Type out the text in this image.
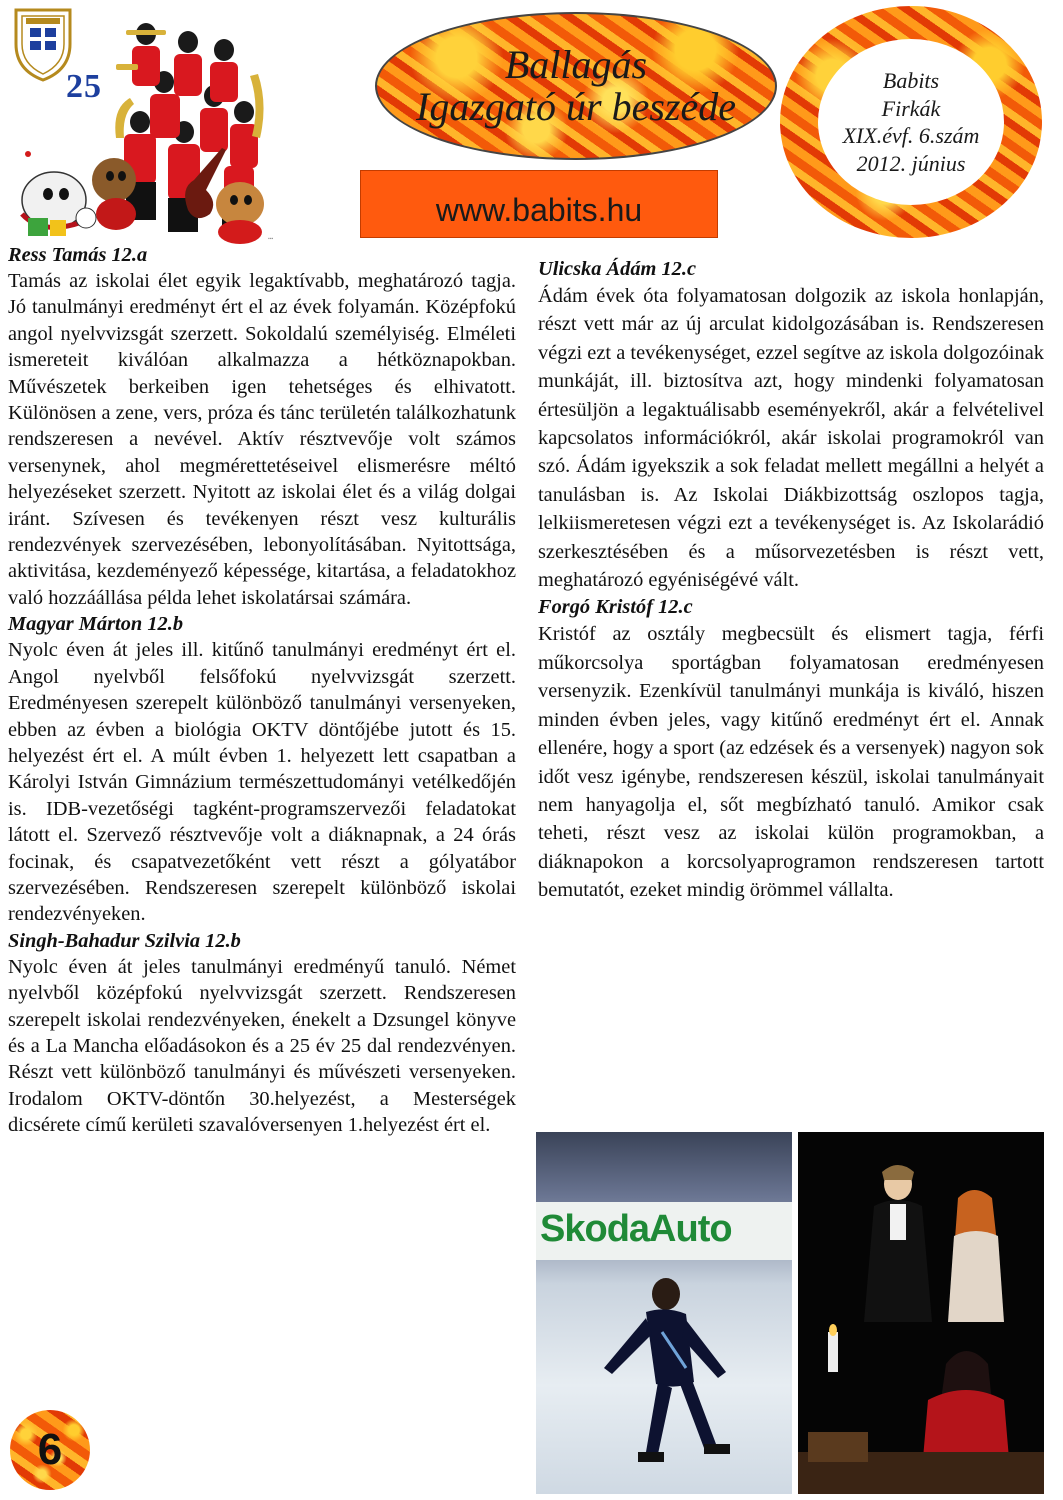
25
▪▪▪
Ballagás
Igazgató úr beszéde
www.babits.hu
Babits
Firkák
XIX.évf. 6.szám
2012. június
Ress Tamás 12.a

Tamás az iskolai élet egyik legaktívabb, meghatározó tagja. Jó tanulmányi eredményt ért el az évek folyamán. Középfokú angol nyelvvizsgát szerzett. Sokoldalú személyiség. Elméleti ismereteit kiválóan alkalmazza a hétköznapokban. Művészetek berkeiben igen tehetséges és elhivatott. Különösen a zene, vers, próza és tánc területén találkozhatunk rendszeresen a nevével. Aktív résztvevője volt számos versenynek, ahol megmérettetéseivel elismerésre méltó helyezéseket szerzett. Nyitott az iskolai élet és a világ dolgai iránt. Szívesen és tevékenyen részt vesz kulturális rendezvények szervezésében, lebonyolításában. Nyitottsága, aktivitása, kezdeményező képessége, kitartása, a feladatokhoz való hozzáállása példa lehet iskolatársai számára.

Magyar Márton 12.b

Nyolc éven át jeles ill. kitűnő tanulmányi eredményt ért el. Angol nyelvből felsőfokú nyelvvizsgát szerzett. Eredményesen szerepelt különböző tanulmányi versenyeken, ebben az évben a biológia OKTV döntőjébe jutott és 15. helyezést ért el. A múlt évben 1. helyezett lett csapatban a Károlyi István Gimnázium természettudományi vetélkedőjén is. IDB-vezetőségi tagként-programszervezői feladatokat látott el. Szervező résztvevője volt a diáknapnak, a 24 órás focinak, és csapatvezetőként vett részt a gólyatábor szervezésében. Rendszeresen szerepelt különböző iskolai rendezvényeken.

Singh-Bahadur Szilvia 12.b

Nyolc éven át jeles tanulmányi eredményű tanuló. Német nyelvből középfokú nyelvvizsgát szerzett. Rendszeresen szerepelt iskolai rendezvényeken, énekelt a Dzsungel könyve és a La Mancha előadásokon és a 25 év 25 dal rendezvényen. Részt vett különböző tanulmányi és művészeti versenyeken. Irodalom OKTV-döntőn 30.helyezést, a Mesterségek dicsérete című kerületi szavalóversenyen 1.helyezést ért el.

Ulicska Ádám 12.c

Ádám évek óta folyamatosan dolgozik az iskola honlapján, részt vett már az új arculat kidolgozásában is. Rendszeresen végzi ezt a tevékenységet, ezzel segítve az iskola dolgozóinak munkáját, ill. biztosítva azt, hogy mindenki folyamatosan értesüljön a legaktuálisabb eseményekről, akár a felvételivel kapcsolatos információkról, akár iskolai programokról van szó. Ádám igyekszik a sok feladat mellett megállni a helyét a tanulásban is. Az Iskolai Diákbizottság oszlopos tagja, lelkiismeretesen végzi ezt a tevékenységet is. Az Iskolarádió szerkesztésében és a műsorvezetésben is részt vett, meghatározó egyéniségévé vált.

Forgó Kristóf 12.c

Kristóf az osztály megbecsült és elismert tagja, férfi műkorcsolya sportágban folyamatosan eredményesen versenyzik. Ezenkívül tanulmányi munkája is kiváló, hiszen minden évben jeles, vagy kitűnő eredményt ért el. Annak ellenére, hogy a sport (az edzések és a versenyek) nagyon sok időt vesz igénybe, rendszeresen készül, iskolai tanulmányait nem hanyagolja el, sőt megbízható tanuló. Amikor csak teheti, részt vesz az iskolai külön programokban, a diáknapokon a korcsolyaprogramon rendszeresen tartott bemutatót, ezeket mindig örömmel vállalta.

SkodaAuto
6
